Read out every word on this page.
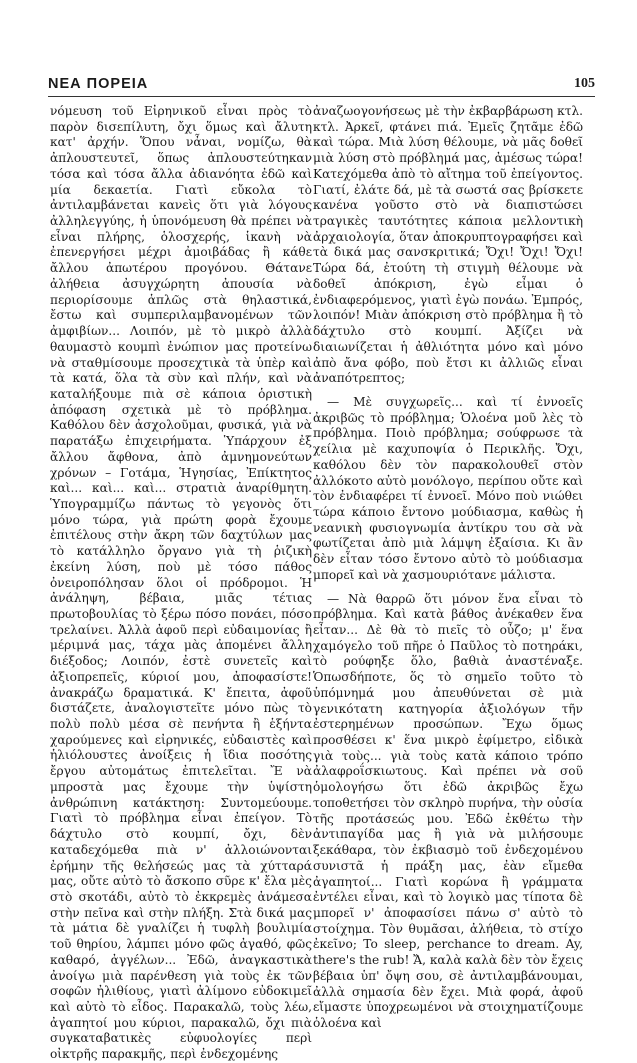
ΝΕΑ ΠΟΡΕΙΑ	105

νόμευση τοῦ Εἰρηνικοῦ εἶναι πρὸς τὸ παρὸν δισεπίλυτη, ὄχι ὅμως καὶ ἄλυτη κατ' ἀρχήν. Ὅπου νἆναι, νομίζω, θὰ ἀπλουστευτεῖ, ὅπως ἀπλουστεύτηκαν τόσα καὶ τόσα ἄλλα ἀδιανόητα ἐδῶ καὶ μία δεκαετία. Γιατὶ εὔκολα τὸ ἀντιλαμβάνεται κανεὶς ὅτι γιὰ λόγους ἀλληλεγγύης, ἡ ὑπονόμευση θὰ πρέπει νὰ εἶναι πλήρης, ὁλοσχερής, ἱκανὴ νὰ ἐπενεργήσει μέχρι ἀμοιβάδας ἢ κάθε ἄλλου ἀπωτέρου προγόνου. Θάτανε ἀλήθεια ἀσυγχώρητη ἀπουσία νὰ περιορίσουμε ἁπλῶς στὰ θηλαστικά, ἔστω καὶ συμπεριλαμβανομένων τῶν ἀμφιβίων... Λοιπόν, μὲ τὸ μικρὸ ἀλλὰ θαυμαστὸ κουμπὶ ἐνώπιον μας προτείνω νὰ σταθμίσουμε προσεχτικὰ τὰ ὑπὲρ καὶ τὰ κατά, ὅλα τὰ σὺν καὶ πλήν, καὶ νὰ καταλήξουμε πιὰ σὲ κάποια ὁριστικὴ ἀπόφαση σχετικὰ μὲ τὸ πρόβλημα. Καθόλου δὲν ἀσχολοῦμαι, φυσικά, γιὰ νὰ παρατάξω ἐπιχειρήματα. Ὑπάρχουν ἐξ ἄλλου ἄφθονα, ἀπὸ ἀμνημονεύτων χρόνων – Γοτάμα, Ἡγησίας, Ἐπίκτητος καὶ... καὶ... καὶ... στρατιὰ ἀναρίθμητη. Ὑπογραμμίζω πάντως τὸ γεγονὸς ὅτι μόνο τώρα, γιὰ πρώτη φορὰ ἔχουμε ἐπιτέλους στὴν ἄκρη τῶν δαχτύλων μας τὸ κατάλληλο ὄργανο γιὰ τὴ ῥιζικὴ ἐκείνη λύση, ποὺ μὲ τόσο πάθος ὀνειροπόλησαν ὅλοι οἱ πρόδρομοι. Ἡ ἀνάληψη, βέβαια, μιᾶς τέτιας πρωτοβουλίας τὸ ξέρω πόσο πονάει, πόσο τρελαίνει. Ἀλλὰ ἀφοῦ περὶ εὐδαιμονίας ἢ μέριμνά μας, τάχα μὰς ἀπομένει ἄλλη διέξοδος; Λοιπόν, ἐστὲ συνετεῖς καὶ ἀξιοπρεπεῖς, κύριοί μου, ἀποφασίστε! ἀνακράζω δραματικά. Κ' ἔπειτα, ἀφοῦ διστάζετε, ἀναλογιστεῖτε μόνο πὼς τὸ πολὺ πολὺ μέσα σὲ πενήντα ἢ ἑξήντα χαρούμενες καὶ εἰρηνικές, εὐδαιστὲς καὶ ἡλιόλουστες ἀνοίξεις ἡ ἴδια ποσότης ἔργου αὐτομάτως ἐπιτελεῖται. Ἔ νὰ μπροστὰ μας ἔχουμε τὴν ὑψίστη ἀνθρώπινη κατάκτηση: Συντομεύουμε. Γιατὶ τὸ πρόβλημα εἶναι ἐπείγον. Τὸ δάχτυλο στὸ κουμπί, ὄχι, δὲν καταδεχόμεθα πιὰ ν' ἀλλοιώνονται ἐρήμην τῆς θελήσεώς μας τὰ χύτταρά μας, οὔτε αὐτὸ τὸ ἄσκοπο σῦρε κ' ἔλα μὲς στὸ σκοτάδι, αὐτὸ τὸ ἐκκρεμὲς ἀνάμεσα στὴν πεῖνα καὶ στὴν πλήξη. Στὰ δικά μας τὰ μάτια δὲ γναλίζει ἡ τυφλὴ βουλιμία τοῦ θηρίου, λάμπει μόνο φῶς ἀγαθό, φῶς καθαρό, ἀγγέλων... Ἐδῶ, ἀναγκαστικὰ ἀνοίγω μιὰ παρένθεση γιὰ τοὺς ἐκ τῶν σοφῶν ἠλιθίους, γιατὶ ἀλίμονο εὐδοκιμεῖ καὶ αὐτὸ τὸ εἶδος. Παρακαλῶ, τοὺς λέω, ἀγαπητοί μου κύριοι, παρακαλῶ, ὄχι πιὰ συγκαταβατικὲς εὐφυολογίες περὶ οἰκτρῆς παρακμῆς, περὶ ἐνδεχομένης

ἀναζωογονήσεως μὲ τὴν ἐκβαρβάρωση κτλ. κτλ. Ἀρκεῖ, φτάνει πιά. Ἐμεῖς ζητᾶμε ἐδῶ καὶ τώρα. Μιὰ λύση θέλουμε, νὰ μᾶς δοθεῖ μιὰ λύση στὸ πρόβλημά μας, ἀμέσως τώρα! Κατεχόμεθα ἀπὸ τὸ αἴτημα τοῦ ἐπείγοντος. Γιατί, ἐλάτε δά, μὲ τὰ σωστά σας βρίσκετε κανένα γοῦστο στὸ νὰ διαπιστώσει τραγικὲς ταυτότητες κάποια μελλοντικὴ ἀρχαιολογία, ὅταν ἀποκρυπτογραφήσει καὶ τὰ δικά μας σανσκριτικά; Ὄχι! Ὄχι! Ὄχι! Τώρα δά, ἐτούτη τὴ στιγμὴ θέλουμε νὰ δοθεῖ ἀπόκριση, ἐγὼ εἶμαι ὁ ἐνδιαφερόμενος, γιατὶ ἐγὼ πονάω. Ἐμπρός, λοιπόν! Μιὰν ἀπόκριση στὸ πρόβλημα ἢ τὸ δάχτυλο στὸ κουμπί. Ἀξίζει νὰ διαιωνίζεται ἡ ἀθλιότητα μόνο καὶ μόνο ἀπὸ ἄνα φόβο, ποὺ ἔτσι κι ἀλλιῶς εἶναι ἀναπότρεπτος;

— Μὲ συγχωρεῖς... καὶ τί ἐννοεῖς ἀκριβῶς τὸ πρόβλημα; Ὁλοένα μοῦ λὲς τὸ πρόβλημα. Ποιὸ πρόβλημα; σούφρωσε τὰ χείλια μὲ καχυποψία ὁ Περικλῆς. Ὄχι, καθόλου δὲν τὸν παρακολουθεῖ στὸν ἀλλόκοτο αὐτὸ μονόλογο, περίπου οὔτε καὶ τὸν ἐνδιαφέρει τί ἐννοεῖ. Μόνο ποὺ νιώθει τώρα κάποιο ἔντονο μούδιασμα, καθὼς ἡ νεανικὴ φυσιογνωμία ἀντίκρυ του σὰ νὰ φωτίζεται ἀπὸ μιὰ λάμψη ἐξαίσια. Κι ἂν δὲν εἶταν τόσο ἔντονο αὐτὸ τὸ μούδιασμα μπορεῖ καὶ νὰ χασμουριότανε μάλιστα.

— Νὰ θαρρῶ ὅτι μόνον ἕνα εἶναι τὸ πρόβλημα. Καὶ κατὰ βάθος ἀνέκαθεν ἕνα εἶταν... Δὲ θὰ τὸ πιεῖς τὸ οὖζο; μ' ἕνα χαμόγελο τοῦ πῆρε ὁ Παῦλος τὸ ποτηράκι, τὸ ρούφηξε ὅλο, βαθιὰ ἀναστέναξε. Ὁπωσδήποτε, ὅς τὸ σημεῖο τοῦτο τὸ ὑπόμνημά μου ἀπευθύνεται σὲ μιὰ γενικότατη κατηγορία ἀξιολόγων τῆν ἐστερημένων προσώπων. Ἔχω ὅμως προσθέσει κ' ἕνα μικρὸ ἐφίμετρο, εἰδικὰ γιὰ τοὺς... γιὰ τοὺς κατὰ κάποιο τρόπο ἀλαφροΐσκιωτους. Καὶ πρέπει νὰ σοῦ ὁμολογήσω ὅτι ἐδῶ ἀκριβῶς ἔχω τοποθετήσει τὸν σκληρὸ πυρήνα, τὴν οὐσία τῆς προτάσεώς μου. Ἐδῶ ἐκθέτω τὴν ἀντιπαγίδα μας ἢ γιὰ νὰ μιλήσουμε ξεκάθαρα, τὸν ἐκβιασμὸ τοῦ ἐνδεχομένου συνιστᾶ ἡ πράξη μας, ἐὰν εἴμεθα ἀγαπητοί... Γιατὶ κορώνα ἢ γράμματα ἐντέλει εἶναι, καὶ τὸ λογικὸ μας τίποτα δὲ μπορεῖ ν' ἀποφασίσει πάνω σ' αὐτὸ τὸ στοίχημα. Τὸν θυμᾶσαι, ἀλήθεια, τὸ στίχο ἐκεῖνο; To sleep, perchance to dream. Ay, there's the rub! Ἄ, καλὰ καλὰ δὲν τὸν ἔχεις βέβαια ὑπ' ὄψη σου, σὲ ἀντιλαμβάνουμαι, ἀλλὰ σημασία δὲν ἔχει. Μιὰ φορά, ἀφοῦ εἴμαστε ὑποχρεωμένοι νὰ στοιχηματίζουμε ὁλοένα καὶ
